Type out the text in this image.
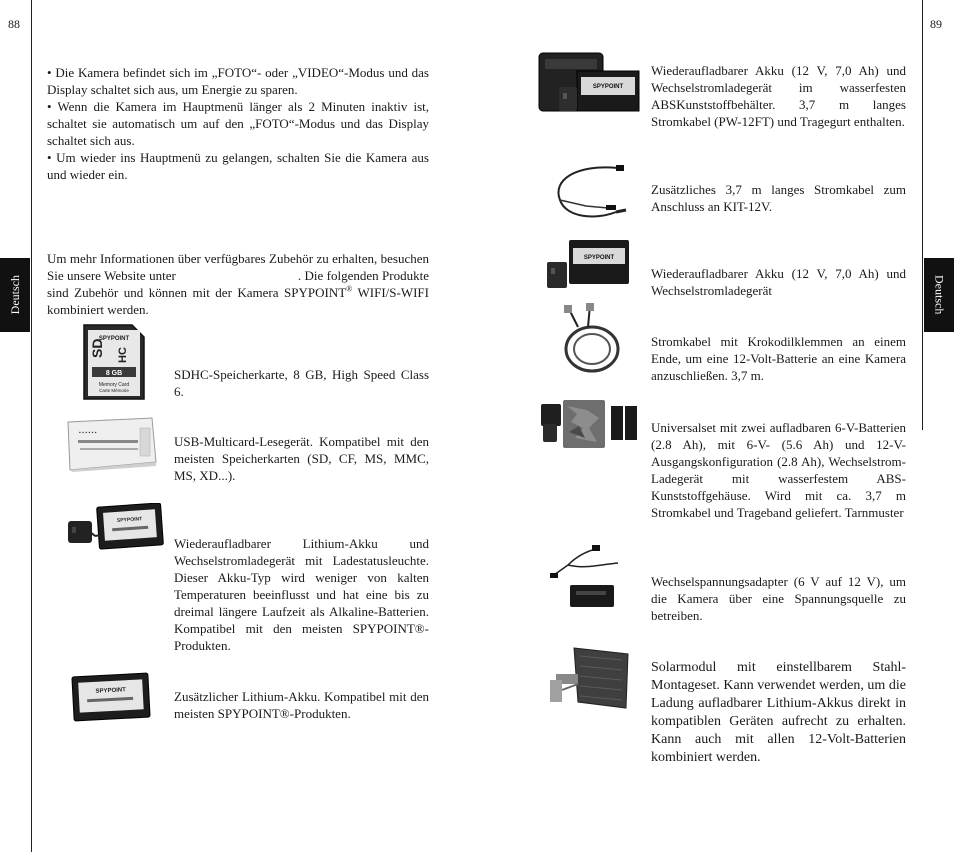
88
Deutsch

• Die Kamera befindet sich im „FOTO“- oder „VIDEO“-Modus und das Display schaltet sich aus, um Energie zu sparen.

• Wenn die Kamera im Hauptmenü länger als 2 Minuten inaktiv ist, schaltet sie automatisch um auf den „FOTO“-Modus und das Display schaltet sich aus.

• Um wieder ins Hauptmenü zu gelangen, schalten Sie die Kamera aus und wieder ein.

Um mehr Informationen über verfügbares Zubehör zu erhalten, besuchen Sie unsere Website unter	. Die folgenden Produkte sind Zubehör und können mit der Kamera SPYPOINT® WIFI/S-WIFI kombiniert werden.

SPYPOINT
SD HC
8 GB
Memory Card
Carte Mémoire
SDHC-Speicherkarte, 8 GB, High Speed Class 6.
▪ ▪ ▪ ▪ ▪ ▪
USB-Multicard-Lesegerät. Kompatibel mit den meisten Speicherkarten (SD, CF, MS, MMC, MS, XD...).
SPYPOINT
Wiederaufladbarer Lithium-Akku und Wechselstromladegerät mit Ladestatusleuchte. Dieser Akku-Typ wird weniger von kalten Temperaturen beeinflusst und hat eine bis zu dreimal längere Laufzeit als Alkaline-Batterien. Kompatibel mit den meisten SPYPOINT®-Produkten.
SPYPOINT	Zusätzlicher Lithium-Akku. Kompatibel mit den meisten SPYPOINT®-Produkten.
89
Deutsch
SPYPOINT
Wiederaufladbarer Akku (12 V, 7,0 Ah) und Wechselstromladegerät im wasserfesten ABSKunststoffbehälter. 3,7 m langes Stromkabel (PW-12FT) und Tragegurt enthalten.
Zusätzliches 3,7 m langes Stromkabel zum Anschluss an KIT-12V.
SPYPOINT
Wiederaufladbarer Akku (12 V, 7,0 Ah) und Wechselstromladegerät
Stromkabel mit Krokodilklemmen an einem Ende, um eine 12-Volt-Batterie an eine Kamera anzuschließen. 3,7 m.
Universalset mit zwei aufladbaren 6-V-Batterien (2.8 Ah), mit 6-V- (5.6 Ah) und 12-V-Ausgangskonfiguration (2.8 Ah), Wechselstrom-Ladegerät mit wasserfestem ABS-Kunststoffgehäuse. Wird mit ca. 3,7 m Stromkabel und Trageband geliefert. Tarnmuster
Wechselspannungsadapter (6 V auf 12 V), um die Kamera über eine Spannungsquelle zu betreiben.
Solarmodul mit einstellbarem Stahl-Montageset. Kann verwendet werden, um die Ladung aufladbarer Lithium-Akkus direkt in kompatiblen Geräten aufrecht zu erhalten. Kann auch mit allen 12-Volt-Batterien kombiniert werden.
